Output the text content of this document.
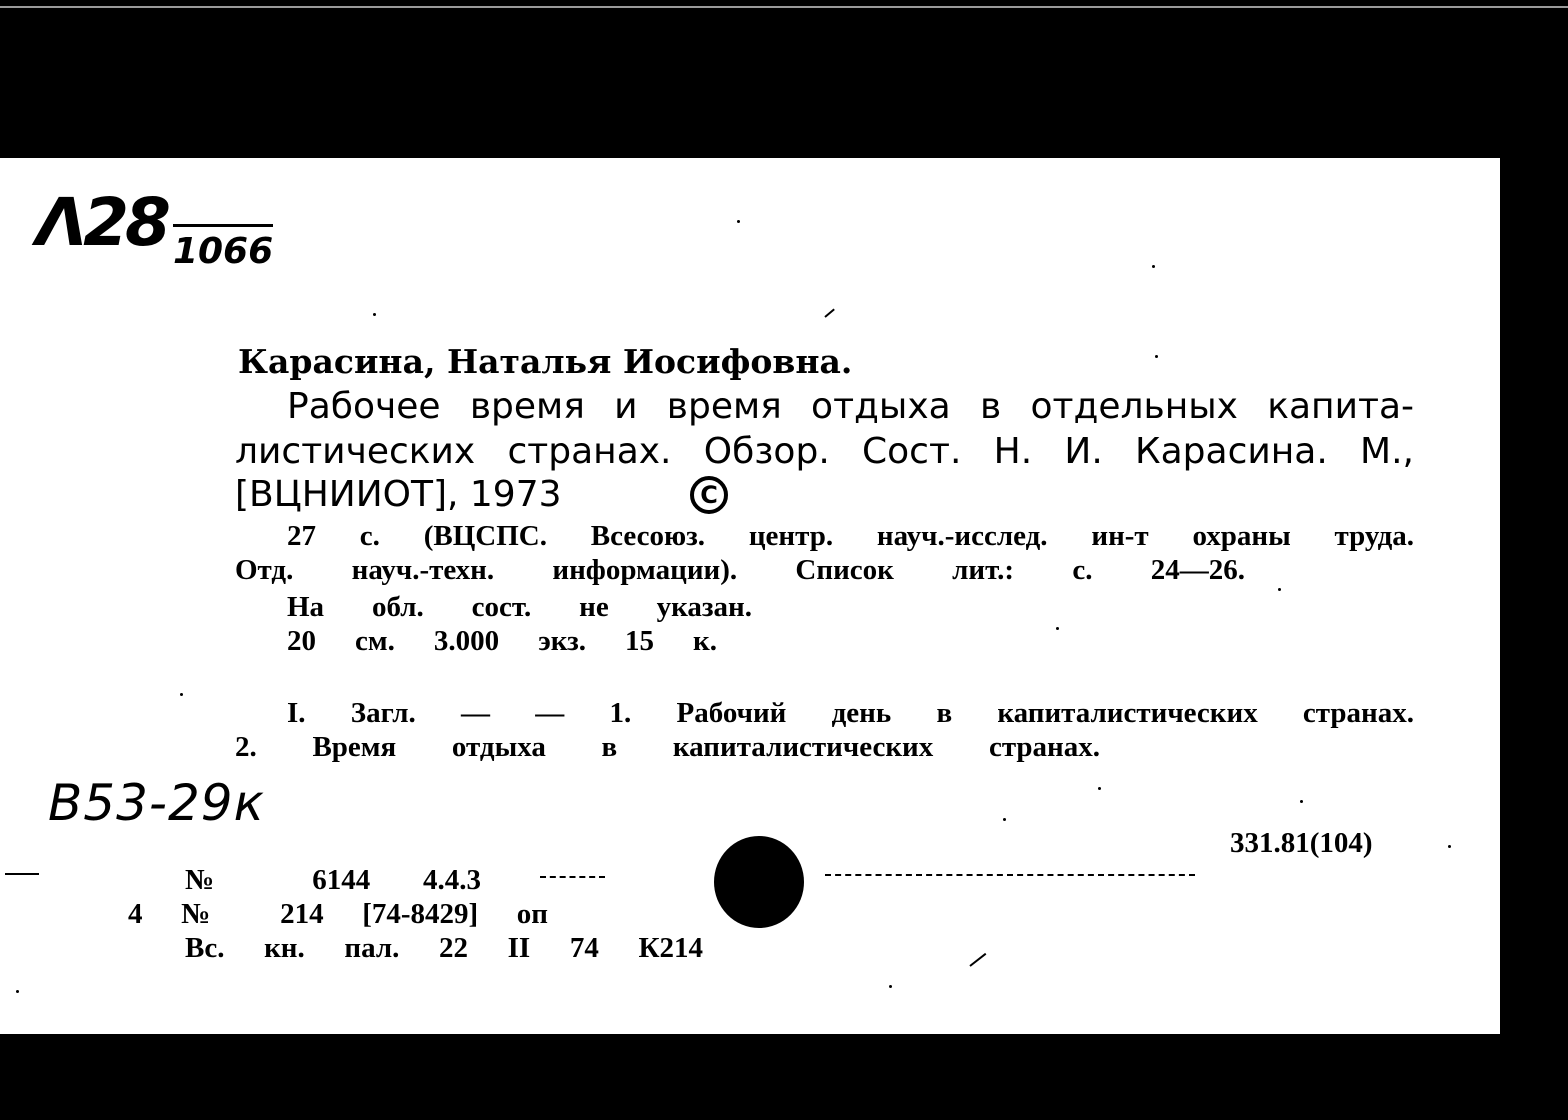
Λ28 $_{1066}$
Карасина, Наталья Иосифовна.
Рабочее время и время отдыха в отдельных капита-
листических странах. Обзор. Сост. Н. И. Карасина. М.,
[ВЦНИИОТ], 1973	C
27 с. (ВЦСПС. Всесоюз. центр. науч.-исслед. ин-т охраны труда.
Отд. науч.-техн. информации). Список лит.: с. 24—26.
На обл. сост. не указан.
20 см. 3.000 экз. 15 к.
I. Загл. — — 1. Рабочий день в капиталистических странах.
2. Время отдыха в капиталистических странах.
В53-29к
331.81(104)
№ 6144 4.4.3
4 № 214 [74-8429] оп
Вс. кн. пал. 22 II 74 К214
